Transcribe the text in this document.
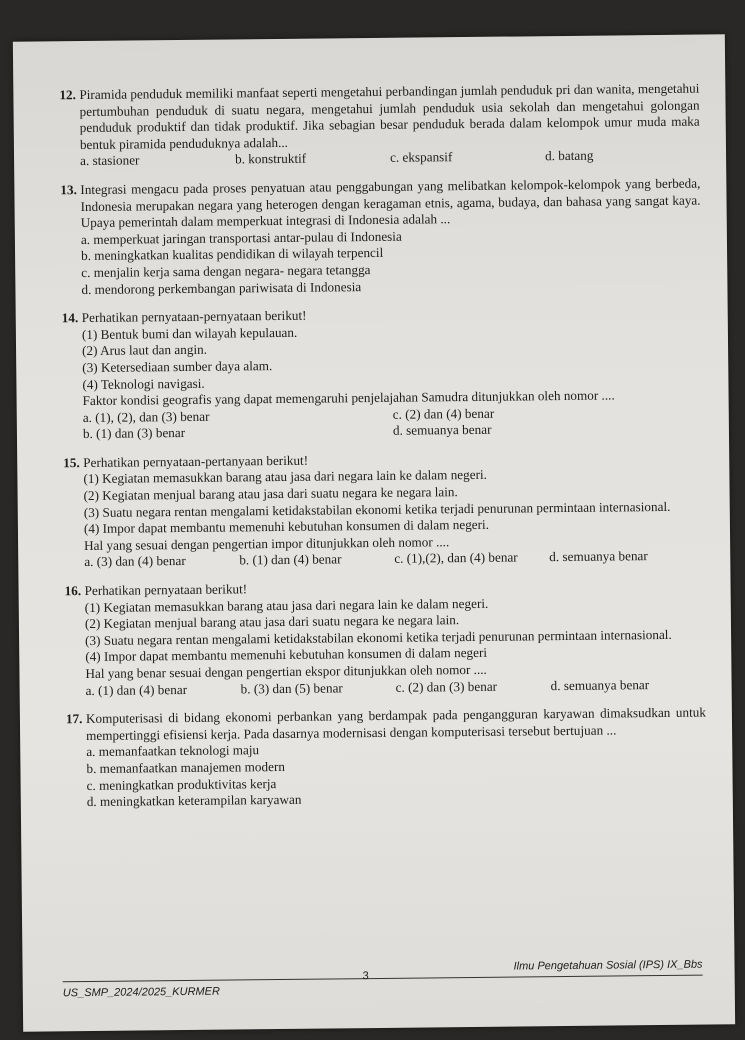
12. Piramida penduduk memiliki manfaat seperti mengetahui perbandingan jumlah penduduk pri dan wanita, mengetahui pertumbuhan penduduk di suatu negara, mengetahui jumlah penduduk usia sekolah dan mengetahui golongan penduduk produktif dan tidak produktif. Jika sebagian besar penduduk berada dalam kelompok umur muda maka bentuk piramida penduduknya adalah...
a. stasioner	b. konstruktif	c. ekspansif	d. batang
13. Integrasi mengacu pada proses penyatuan atau penggabungan yang melibatkan kelompok-kelompok yang berbeda, Indonesia merupakan negara yang heterogen dengan keragaman etnis, agama, budaya, dan bahasa yang sangat kaya. Upaya pemerintah dalam memperkuat integrasi di Indonesia adalah ...
a. memperkuat jaringan transportasi antar-pulau di Indonesia
b. meningkatkan kualitas pendidikan di wilayah terpencil
c. menjalin kerja sama dengan negara- negara tetangga
d. mendorong perkembangan pariwisata di Indonesia
14. Perhatikan pernyataan-pernyataan berikut!
(1) Bentuk bumi dan wilayah kepulauan.
(2) Arus laut dan angin.
(3) Ketersediaan sumber daya alam.
(4) Teknologi navigasi.
Faktor kondisi geografis yang dapat memengaruhi penjelajahan Samudra ditunjukkan oleh nomor ....
a. (1), (2), dan (3) benar	c. (2) dan (4) benar
b. (1) dan (3) benar	d. semuanya benar
15. Perhatikan pernyataan-pertanyaan berikut!
(1) Kegiatan memasukkan barang atau jasa dari negara lain ke dalam negeri.
(2) Kegiatan menjual barang atau jasa dari suatu negara ke negara lain.
(3) Suatu negara rentan mengalami ketidakstabilan ekonomi ketika terjadi penurunan permintaan internasional.
(4) Impor dapat membantu memenuhi kebutuhan konsumen di dalam negeri.
Hal yang sesuai dengan pengertian impor ditunjukkan oleh nomor ....
a. (3) dan (4) benar	b. (1) dan (4) benar	c. (1),(2), dan (4) benar	d. semuanya benar
16. Perhatikan pernyataan berikut!
(1) Kegiatan memasukkan barang atau jasa dari negara lain ke dalam negeri.
(2) Kegiatan menjual barang atau jasa dari suatu negara ke negara lain.
(3) Suatu negara rentan mengalami ketidakstabilan ekonomi ketika terjadi penurunan permintaan internasional.
(4) Impor dapat membantu memenuhi kebutuhan konsumen di dalam negeri
Hal yang benar sesuai dengan pengertian ekspor ditunjukkan oleh nomor ....
a. (1) dan (4) benar	b. (3) dan (5) benar	c. (2) dan (3) benar	d. semuanya benar
17. Komputerisasi di bidang ekonomi perbankan yang berdampak pada pengangguran karyawan dimaksudkan untuk mempertinggi efisiensi kerja. Pada dasarnya modernisasi dengan komputerisasi tersebut bertujuan ...
a. memanfaatkan teknologi maju
b. memanfaatkan manajemen modern
c. meningkatkan produktivitas kerja
d. meningkatkan keterampilan karyawan
US_SMP_2024/2025_KURMER
3
Ilmu Pengetahuan Sosial (IPS) IX_Bbs
